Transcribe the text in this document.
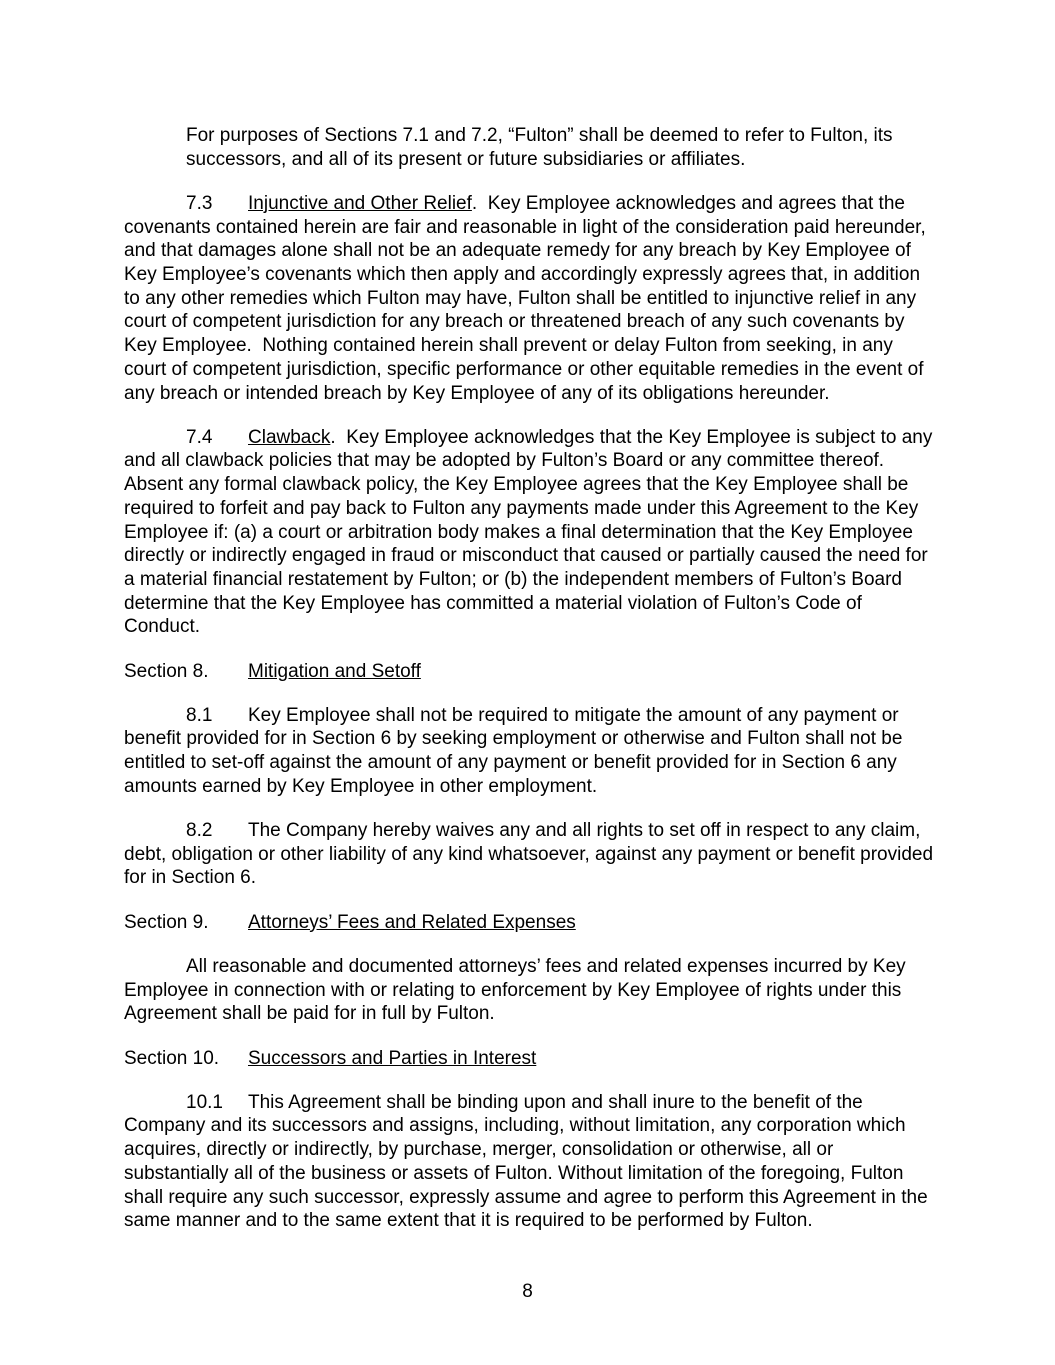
For purposes of Sections 7.1 and 7.2, “Fulton” shall be deemed to refer to Fulton, its successors, and all of its present or future subsidiaries or affiliates.

7.3 Injunctive and Other Relief.  Key Employee acknowledges and agrees that the covenants contained herein are fair and reasonable in light of the consideration paid hereunder, and that damages alone shall not be an adequate remedy for any breach by Key Employee of Key Employee’s covenants which then apply and accordingly expressly agrees that, in addition to any other remedies which Fulton may have, Fulton shall be entitled to injunctive relief in any court of competent jurisdiction for any breach or threatened breach of any such covenants by Key Employee.  Nothing contained herein shall prevent or delay Fulton from seeking, in any court of competent jurisdiction, specific performance or other equitable remedies in the event of any breach or intended breach by Key Employee of any of its obligations hereunder.

7.4 Clawback.  Key Employee acknowledges that the Key Employee is subject to any and all clawback policies that may be adopted by Fulton’s Board or any committee thereof.  Absent any formal clawback policy, the Key Employee agrees that the Key Employee shall be required to forfeit and pay back to Fulton any payments made under this Agreement to the Key Employee if: (a) a court or arbitration body makes a final determination that the Key Employee directly or indirectly engaged in fraud or misconduct that caused or partially caused the need for a material financial restatement by Fulton; or (b) the independent members of Fulton’s Board determine that the Key Employee has committed a material violation of Fulton’s Code of Conduct.

Section 8. Mitigation and Setoff

8.1 Key Employee shall not be required to mitigate the amount of any payment or benefit provided for in Section 6 by seeking employment or otherwise and Fulton shall not be entitled to set-off against the amount of any payment or benefit provided for in Section 6 any amounts earned by Key Employee in other employment.

8.2 The Company hereby waives any and all rights to set off in respect to any claim, debt, obligation or other liability of any kind whatsoever, against any payment or benefit provided for in Section 6.

Section 9. Attorneys’ Fees and Related Expenses

All reasonable and documented attorneys’ fees and related expenses incurred by Key Employee in connection with or relating to enforcement by Key Employee of rights under this Agreement shall be paid for in full by Fulton.

Section 10. Successors and Parties in Interest

10.1 This Agreement shall be binding upon and shall inure to the benefit of the Company and its successors and assigns, including, without limitation, any corporation which acquires, directly or indirectly, by purchase, merger, consolidation or otherwise, all or substantially all of the business or assets of Fulton. Without limitation of the foregoing, Fulton shall require any such successor, expressly assume and agree to perform this Agreement in the same manner and to the same extent that it is required to be performed by Fulton.

8
